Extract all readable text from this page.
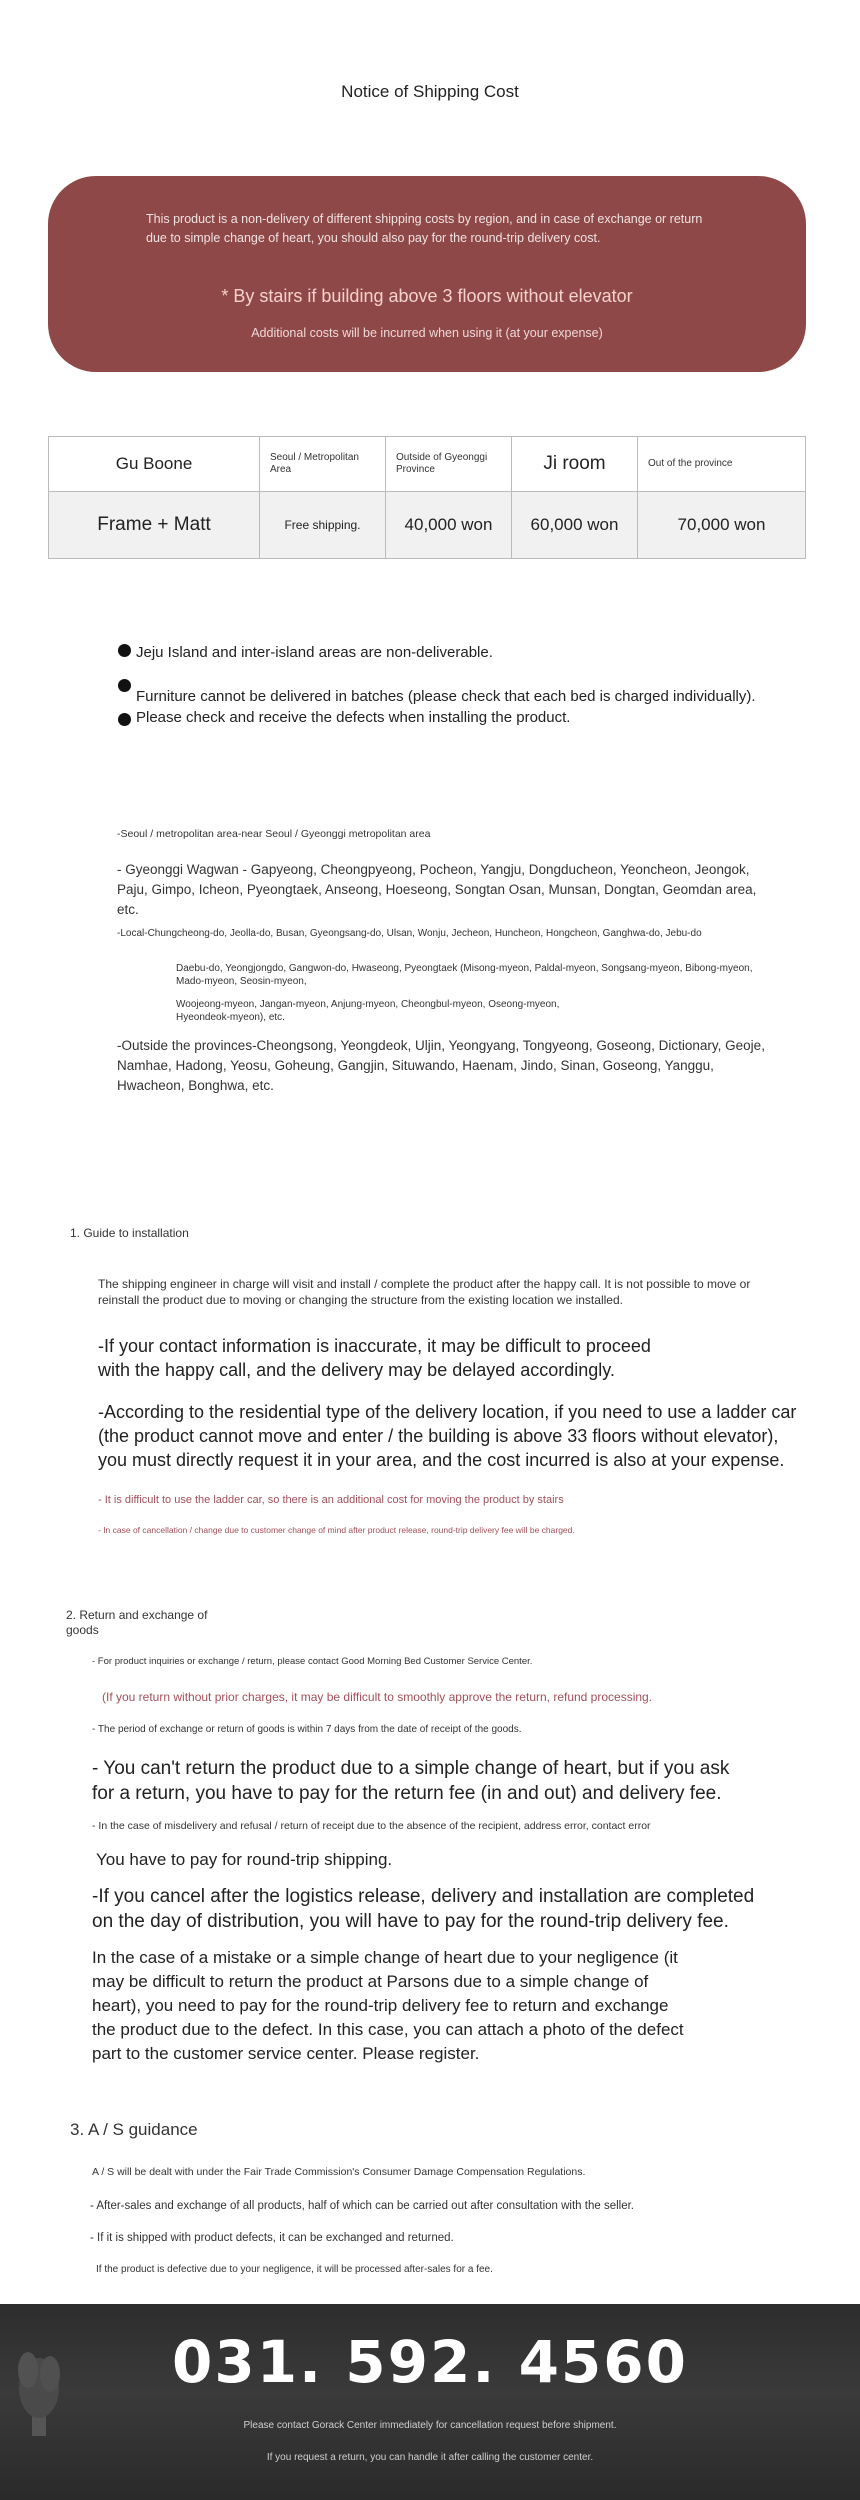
Notice of Shipping Cost
This product is a non-delivery of different shipping costs by region, and in case of exchange or return due to simple change of heart, you should also pay for the round-trip delivery cost.
* By stairs if building above 3 floors without elevator
Additional costs will be incurred when using it (at your expense)
Gu Boone	Seoul / Metropolitan Area	Outside of Gyeonggi Province	Ji room	Out of the province
Frame + Matt	Free shipping.	40,000 won	60,000 won	70,000 won
Jeju Island and inter-island areas are non-deliverable.
Furniture cannot be delivered in batches (please check that each bed is charged individually). Please check and receive the defects when installing the product.
-Seoul / metropolitan area-near Seoul / Gyeonggi metropolitan area
- Gyeonggi Wagwan - Gapyeong, Cheongpyeong, Pocheon, Yangju, Dongducheon, Yeoncheon, Jeongok, Paju, Gimpo, Icheon, Pyeongtaek, Anseong, Hoeseong, Songtan Osan, Munsan, Dongtan, Geomdan area, etc.
-Local-Chungcheong-do, Jeolla-do, Busan, Gyeongsang-do, Ulsan, Wonju, Jecheon, Huncheon, Hongcheon, Ganghwa-do, Jebu-do
Daebu-do, Yeongjongdo, Gangwon-do, Hwaseong, Pyeongtaek (Misong-myeon, Paldal-myeon, Songsang-myeon, Bibong-myeon, Mado-myeon, Seosin-myeon,
Woojeong-myeon, Jangan-myeon, Anjung-myeon, Cheongbul-myeon, Oseong-myeon, Hyeondeok-myeon), etc.
-Outside the provinces-Cheongsong, Yeongdeok, Uljin, Yeongyang, Tongyeong, Goseong, Dictionary, Geoje, Namhae, Hadong, Yeosu, Goheung, Gangjin, Situwando, Haenam, Jindo, Sinan, Goseong, Yanggu, Hwacheon, Bonghwa, etc.
1. Guide to installation
The shipping engineer in charge will visit and install / complete the product after the happy call. It is not possible to move or reinstall the product due to moving or changing the structure from the existing location we installed.
-If your contact information is inaccurate, it may be difficult to proceed with the happy call, and the delivery may be delayed accordingly.
-According to the residential type of the delivery location, if you need to use a ladder car (the product cannot move and enter / the building is above 33 floors without elevator), you must directly request it in your area, and the cost incurred is also at your expense.
- It is difficult to use the ladder car, so there is an additional cost for moving the product by stairs
- In case of cancellation / change due to customer change of mind after product release, round-trip delivery fee will be charged.
2. Return and exchange of goods
- For product inquiries or exchange / return, please contact Good Morning Bed Customer Service Center.
(If you return without prior charges, it may be difficult to smoothly approve the return, refund processing.
- The period of exchange or return of goods is within 7 days from the date of receipt of the goods.
- You can't return the product due to a simple change of heart, but if you ask for a return, you have to pay for the return fee (in and out) and delivery fee.
- In the case of misdelivery and refusal / return of receipt due to the absence of the recipient, address error, contact error
You have to pay for round-trip shipping.
-If you cancel after the logistics release, delivery and installation are completed on the day of distribution, you will have to pay for the round-trip delivery fee.
In the case of a mistake or a simple change of heart due to your negligence (it may be difficult to return the product at Parsons due to a simple change of heart), you need to pay for the round-trip delivery fee to return and exchange the product due to the defect. In this case, you can attach a photo of the defect part to the customer service center. Please register.
3. A / S guidance
A / S will be dealt with under the Fair Trade Commission's Consumer Damage Compensation Regulations.
- After-sales and exchange of all products, half of which can be carried out after consultation with the seller.
- If it is shipped with product defects, it can be exchanged and returned.
If the product is defective due to your negligence, it will be processed after-sales for a fee.
031. 592. 4560
Please contact Gorack Center immediately for cancellation request before shipment.
If you request a return, you can handle it after calling the customer center.
